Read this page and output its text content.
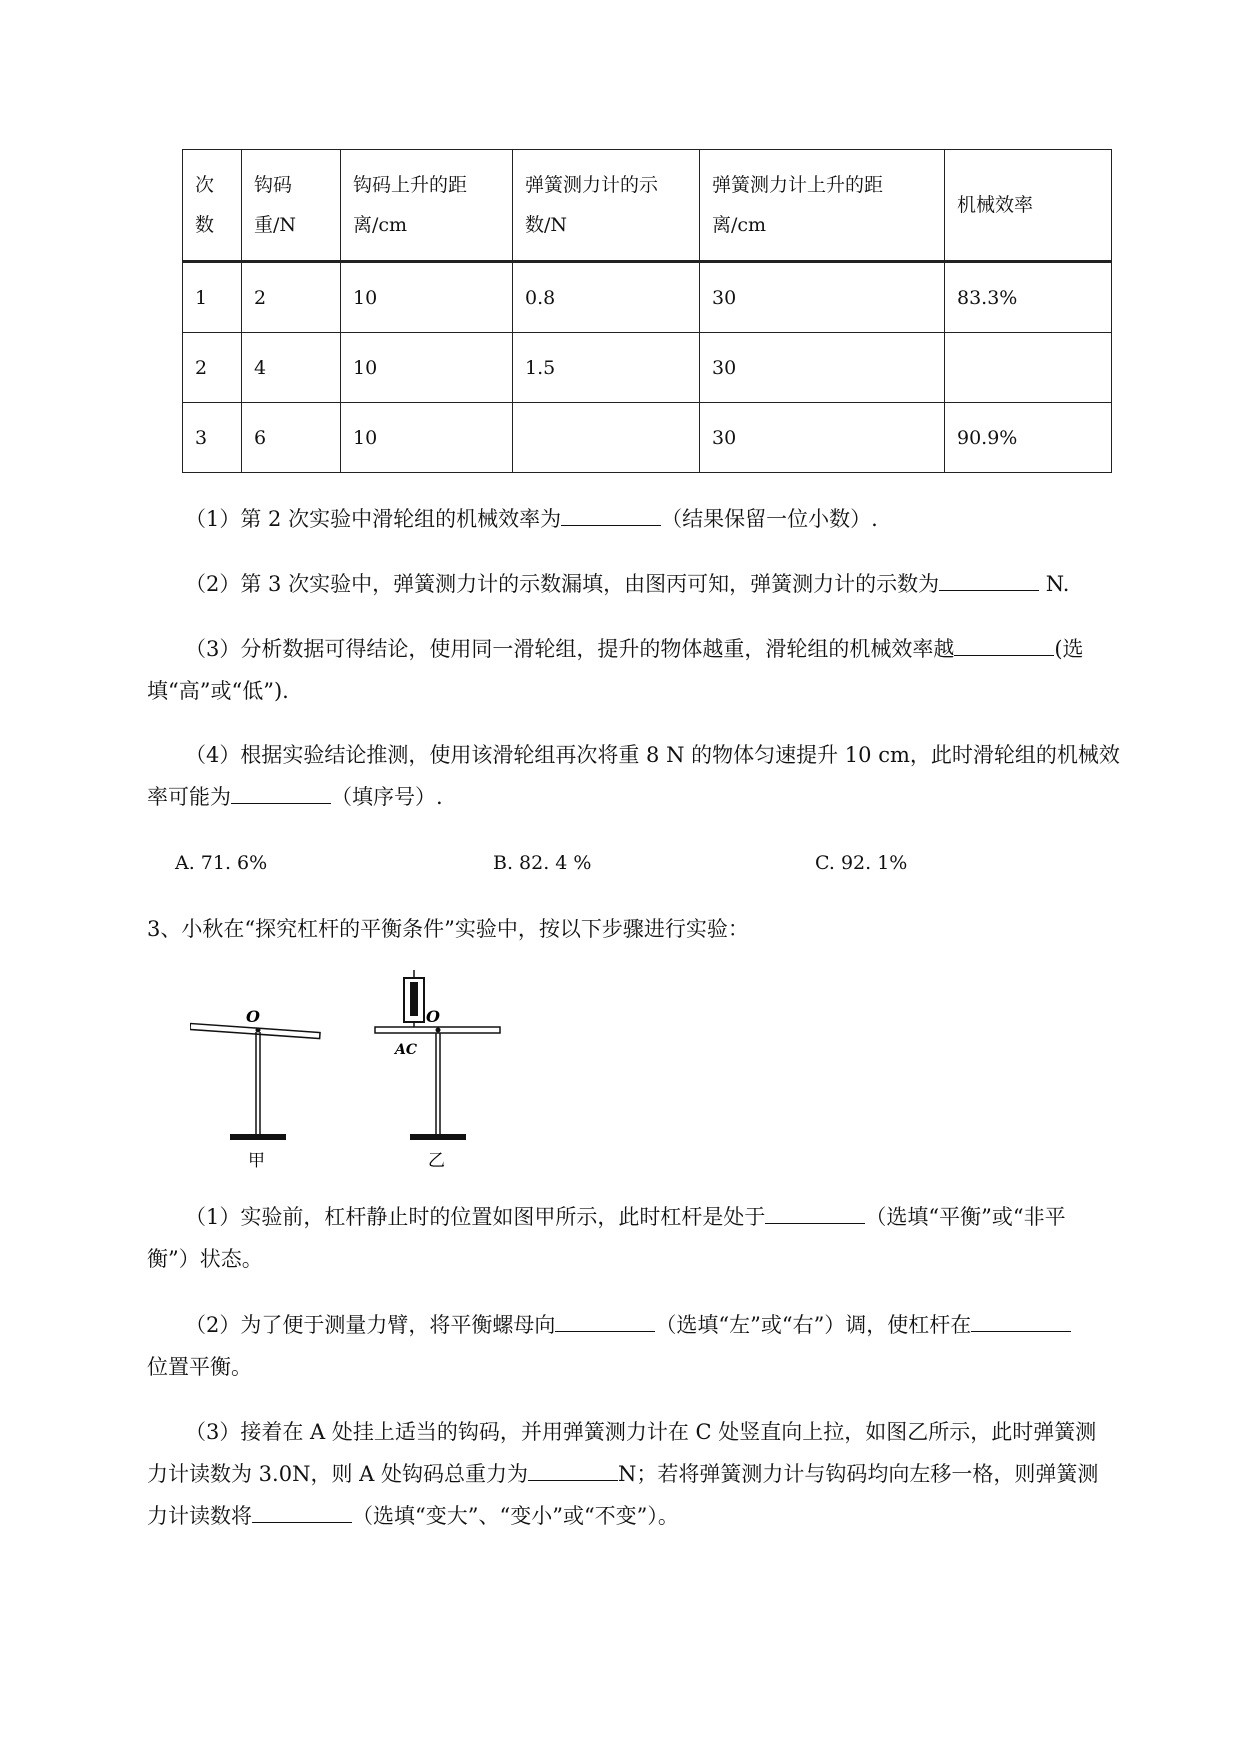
次数	钩码重/N	钩码上升的距离/cm	弹簧测力计的示数/N	弹簧测力计上升的距离/cm	机械效率
1	2	10	0.8	30	83.3%
2	4	10	1.5	30	
3	6	10		30	90.9%
（1）第 2 次实验中滑轮组的机械效率为	（结果保留一位小数）.
（2）第 3 次实验中，弹簧测力计的示数漏填，由图丙可知，弹簧测力计的示数为	N.
（3）分析数据可得结论，使用同一滑轮组，提升的物体越重，滑轮组的机械效率越	(选
填“高”或“低”).
（4）根据实验结论推测，使用该滑轮组再次将重 8 N 的物体匀速提升 10 cm，此时滑轮组的机械效
率可能为	（填序号）.
A. 71. 6%	B. 82. 4 %	C. 92. 1%
3、小秋在“探究杠杆的平衡条件”实验中，按以下步骤进行实验：
O
甲
O
AC
乙
（1）实验前，杠杆静止时的位置如图甲所示，此时杠杆是处于	（选填“平衡”或“非平
衡”）状态。
（2）为了便于测量力臂，将平衡螺母向	（选填“左”或“右”）调，使杠杆在
位置平衡。
（3）接着在 A 处挂上适当的钩码，并用弹簧测力计在 C 处竖直向上拉，如图乙所示，此时弹簧测
力计读数为 3.0N，则 A 处钩码总重力为	N；若将弹簧测力计与钩码均向左移一格，则弹簧测
力计读数将	（选填“变大”、“变小”或“不变”）。
